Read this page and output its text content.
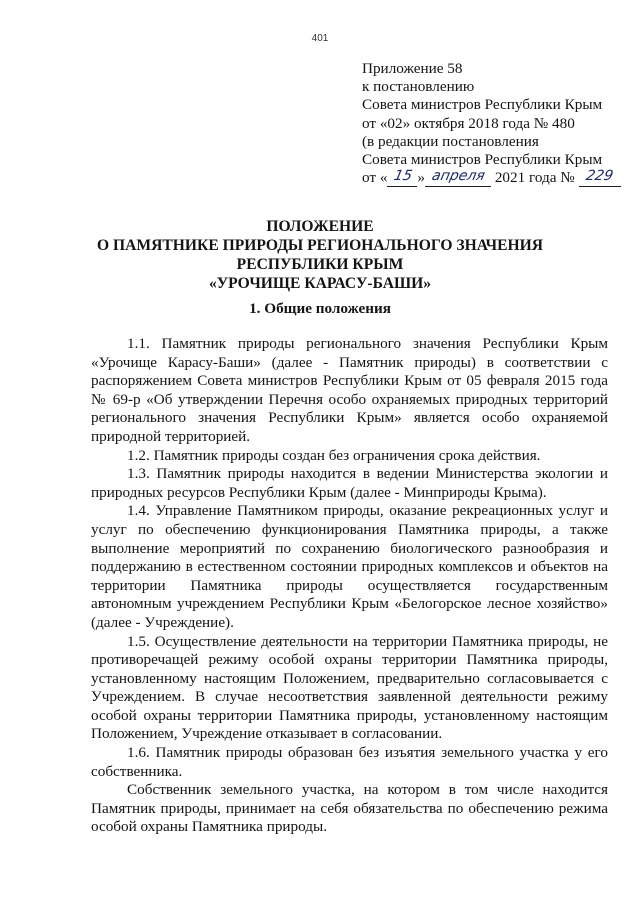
401
Приложение 58
к постановлению
Совета министров Республики Крым
от «02» октября 2018 года № 480
(в редакции постановления
Совета министров Республики Крым
от « 15 » апреля 2021 года № 229
ПОЛОЖЕНИЕ
О ПАМЯТНИКЕ ПРИРОДЫ РЕГИОНАЛЬНОГО ЗНАЧЕНИЯ
РЕСПУБЛИКИ КРЫМ
«УРОЧИЩЕ КАРАСУ-БАШИ»
1. Общие положения

1.1. Памятник природы регионального значения Республики Крым «Урочище Карасу-Баши» (далее - Памятник природы) в соответствии с распоряжением Совета министров Республики Крым от 05 февраля 2015 года № 69-р «Об утверждении Перечня особо охраняемых природных территорий регионального значения Республики Крым» является особо охраняемой природной территорией.

1.2. Памятник природы создан без ограничения срока действия.

1.3. Памятник природы находится в ведении Министерства экологии и природных ресурсов Республики Крым (далее - Минприроды Крыма).

1.4. Управление Памятником природы, оказание рекреационных услуг и услуг по обеспечению функционирования Памятника природы, а также выполнение мероприятий по сохранению биологического разнообразия и поддержанию в естественном состоянии природных комплексов и объектов на территории Памятника природы осуществляется государственным автономным учреждением Республики Крым «Белогорское лесное хозяйство» (далее - Учреждение).

1.5. Осуществление деятельности на территории Памятника природы, не противоречащей режиму особой охраны территории Памятника природы, установленному настоящим Положением, предварительно согласовывается с Учреждением. В случае несоответствия заявленной деятельности режиму особой охраны территории Памятника природы, установленному настоящим Положением, Учреждение отказывает в согласовании.

1.6. Памятник природы образован без изъятия земельного участка у его собственника.

Собственник земельного участка, на котором в том числе находится Памятник природы, принимает на себя обязательства по обеспечению режима особой охраны Памятника природы.
